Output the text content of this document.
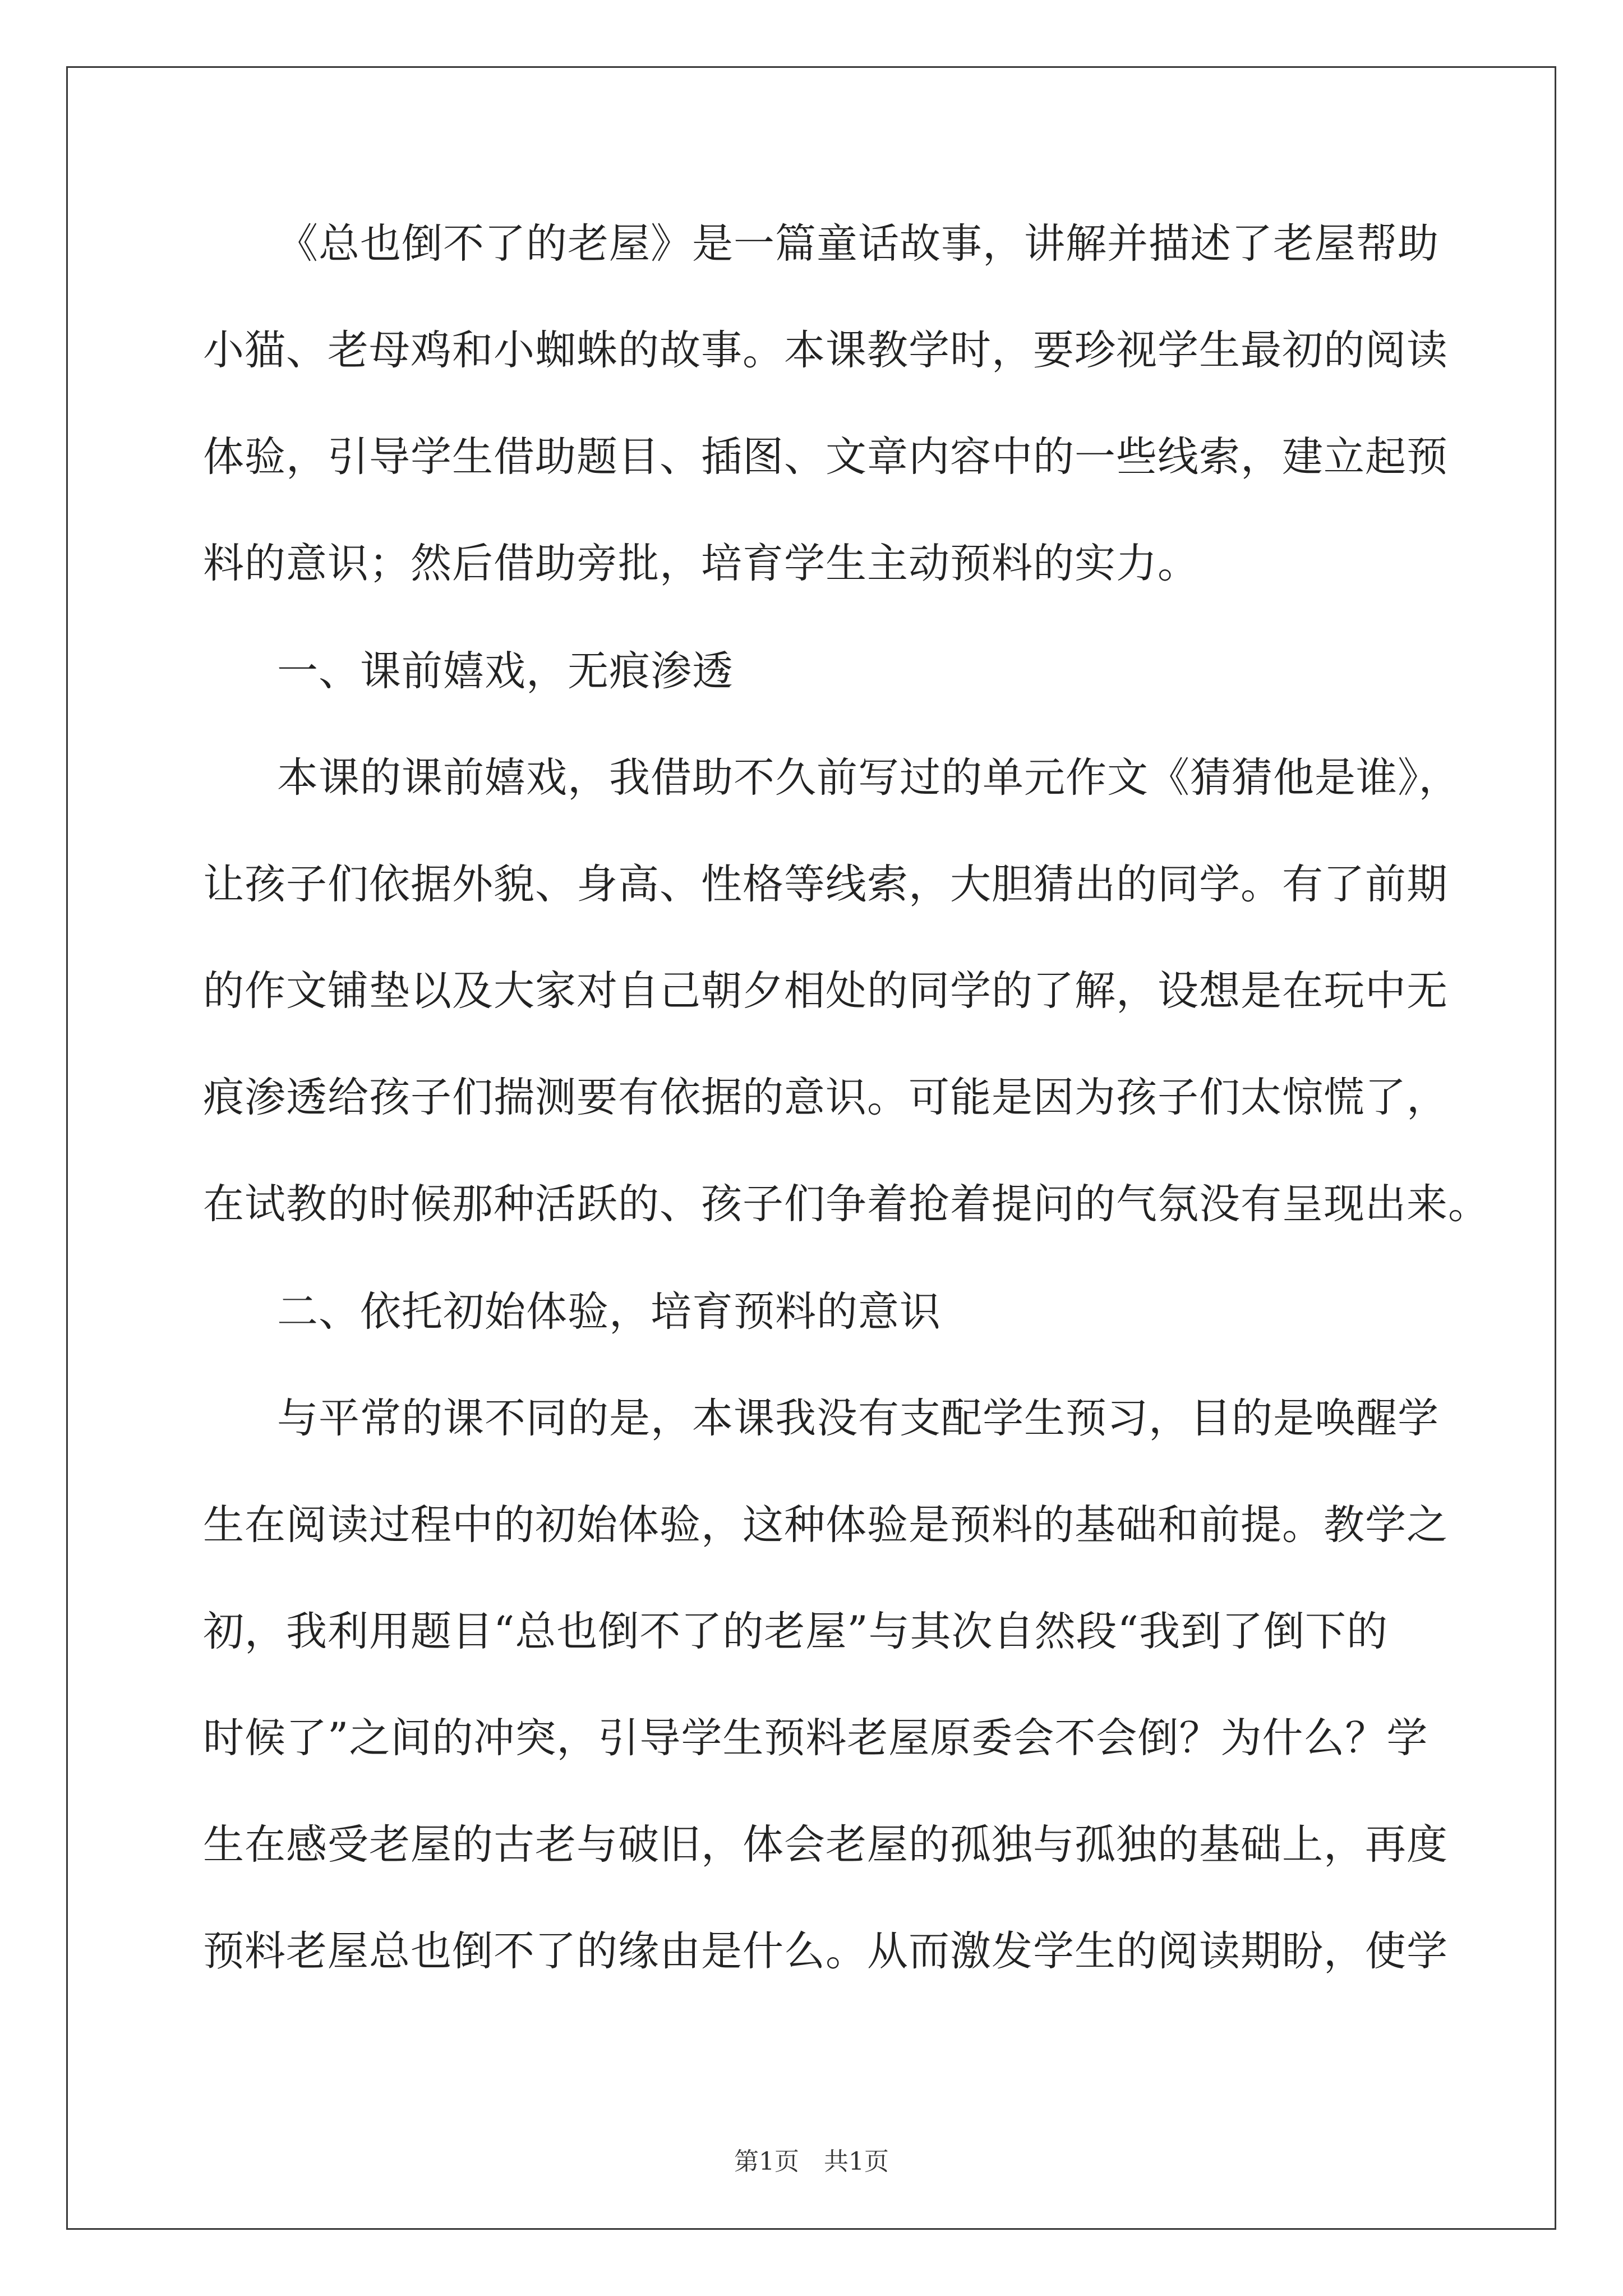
《总也倒不了的老屋》是一篇童话故事，讲解并描述了老屋帮助
小猫、老母鸡和小蜘蛛的故事。本课教学时，要珍视学生最初的阅读
体验，引导学生借助题目、插图、文章内容中的一些线索，建立起预
料的意识；然后借助旁批，培育学生主动预料的实力。
一、课前嬉戏，无痕渗透
本课的课前嬉戏，我借助不久前写过的单元作文《猜猜他是谁》，
让孩子们依据外貌、身高、性格等线索，大胆猜出的同学。有了前期
的作文铺垫以及大家对自己朝夕相处的同学的了解，设想是在玩中无
痕渗透给孩子们揣测要有依据的意识。可能是因为孩子们太惊慌了，
在试教的时候那种活跃的、孩子们争着抢着提问的气氛没有呈现出来。
二、依托初始体验，培育预料的意识
与平常的课不同的是，本课我没有支配学生预习，目的是唤醒学
生在阅读过程中的初始体验，这种体验是预料的基础和前提。教学之
初，我利用题目“总也倒不了的老屋”与其次自然段“我到了倒下的
时候了”之间的冲突，引导学生预料老屋原委会不会倒？为什么？学
生在感受老屋的古老与破旧，体会老屋的孤独与孤独的基础上，再度
预料老屋总也倒不了的缘由是什么。从而激发学生的阅读期盼，使学
第1页　共1页
